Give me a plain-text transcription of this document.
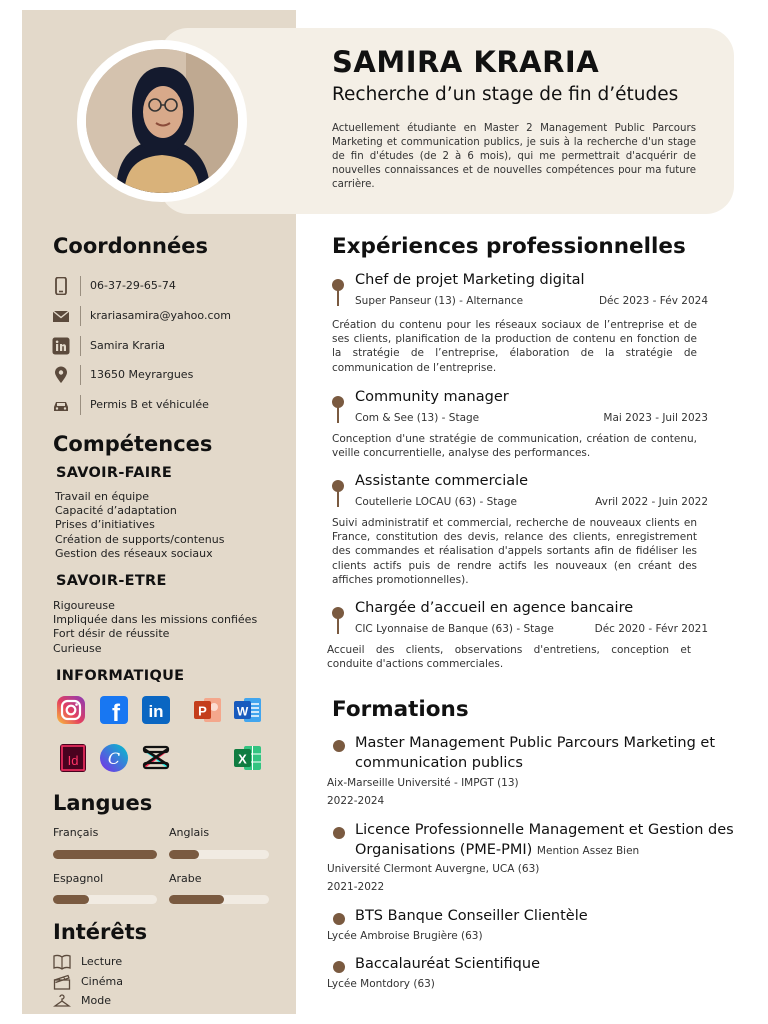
SAMIRA KRARIA
Recherche d’un stage de fin d’études
Actuellement étudiante en Master 2 Management Public Parcours Marketing et communication publics, je suis à la recherche d'un stage de fin d'études (de 2 à 6 mois), qui me permettrait d'acquérir de nouvelles connaissances et de nouvelles compétences pour ma future carrière.
Coordonnées
06-37-29-65-74
krariasamira@yahoo.com
Samira Kraria
13650 Meyrargues
Permis B et véhiculée
Compétences
SAVOIR-FAIRE
Travail en équipe
Capacité d’adaptation
Prises d’initiatives
Création de supports/contenus
Gestion des réseaux sociaux
SAVOIR-ETRE
Rigoureuse
Impliquée dans les missions confiées
Fort désir de réussite
Curieuse
INFORMATIQUE
f in	P	W
Id C	X
Langues
Français	Anglais
Espagnol	Arabe
Intérêts
Lecture
Cinéma
Mode
Expériences professionnelles
Chef de projet Marketing digital
Super Panseur (13) - Alternance	Déc 2023 - Fév 2024
Création du contenu pour les réseaux sociaux de l’entreprise et de ses clients, planification de la production de contenu en fonction de la stratégie de l’entreprise, élaboration de la stratégie de communication de l’entreprise.
Community manager
Com & See (13) - Stage	Mai 2023 - Juil 2023
Conception d'une stratégie de communication, création de contenu, veille concurrentielle, analyse des performances.
Assistante commerciale
Coutellerie LOCAU (63) - Stage	Avril 2022 - Juin 2022
Suivi administratif et commercial, recherche de nouveaux clients en France, constitution des devis, relance des clients, enregistrement des commandes et réalisation d'appels sortants afin de fidéliser les clients actifs puis de rendre actifs les nouveaux (en créant des affiches promotionnelles).
Chargée d’accueil en agence bancaire
CIC Lyonnaise de Banque (63) - Stage	Déc 2020 - Févr 2021
Accueil des clients, observations d'entretiens, conception et conduite d'actions commerciales.
Formations
Master Management Public Parcours Marketing et communication publics
Aix-Marseille Université - IMPGT (13)
2022-2024
Licence Professionnelle Management et Gestion des Organisations (PME-PMI) Mention Assez Bien
Université Clermont Auvergne, UCA (63)
2021-2022
BTS Banque Conseiller Clientèle
Lycée Ambroise Brugière (63)
Baccalauréat Scientifique
Lycée Montdory (63)
